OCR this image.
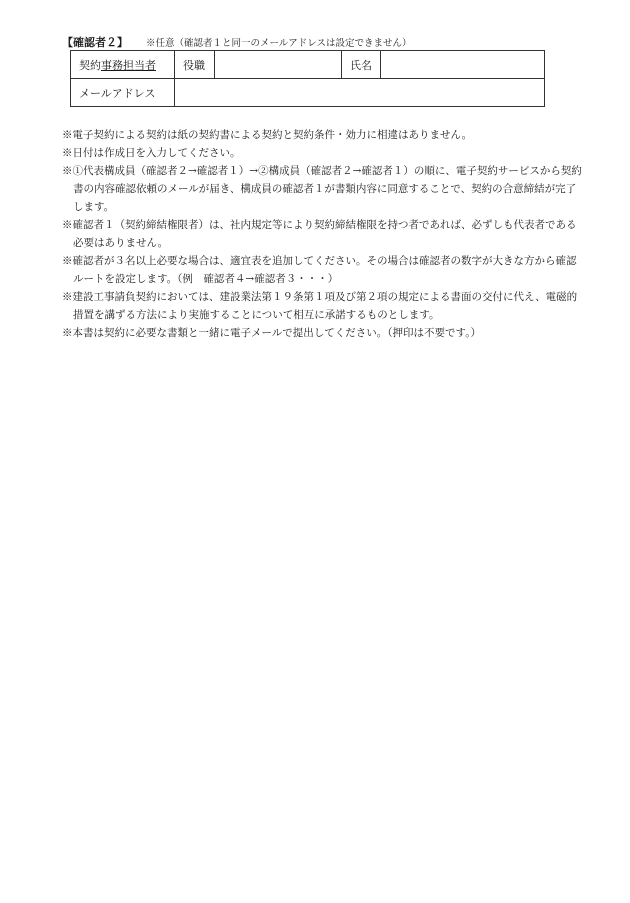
【確認者２】 ※任意（確認者１と同一のメールアドレスは設定できません）
契約事務担当者	役職		氏名	
メールアドレス				

※電子契約による契約は紙の契約書による契約と契約条件・効力に相違はありません。

※日付は作成日を入力してください。

※①代表構成員（確認者２→確認者１）→②構成員（確認者２→確認者１）の順に、電子契約サービスから契約書の内容確認依頼のメールが届き、構成員の確認者１が書類内容に同意することで、契約の合意締結が完了します。

※確認者１（契約締結権限者）は、社内規定等により契約締結権限を持つ者であれば、必ずしも代表者である必要はありません。

※確認者が３名以上必要な場合は、適宜表を追加してください。その場合は確認者の数字が大きな方から確認ルートを設定します。（例　確認者４→確認者３・・・）

※建設工事請負契約においては、建設業法第１９条第１項及び第２項の規定による書面の交付に代え、電磁的措置を講ずる方法により実施することについて相互に承諾するものとします。

※本書は契約に必要な書類と一緒に電子メールで提出してください。（押印は不要です。）
